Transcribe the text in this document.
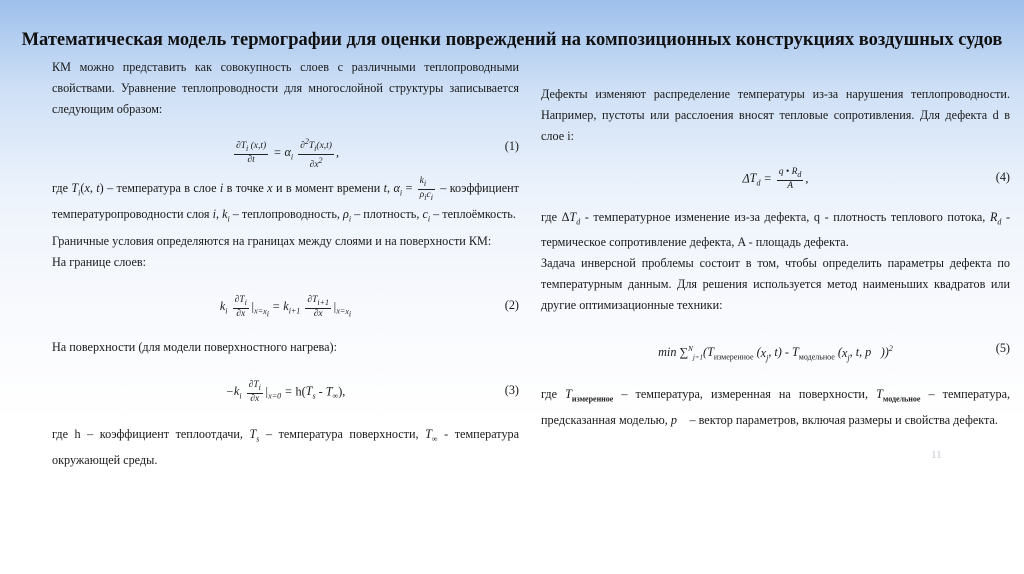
Математическая модель термографии для оценки повреждений на композиционных конструкциях воздушных судов

КМ можно представить как совокупность слоев с различными теплопроводными свойствами. Уравнение теплопроводности для многослойной структуры записывается следующим образом:

$\frac{\partial T_i (x,t)}{\partial t} = \alpha_i \frac{\partial^2T_i(x,t)}{\partial x^2}$ ,	(1)

где $T_i(x$, t) – температура в слое i в точке x и в момент времени t, $\alpha_i = \frac{k_i}{\rho_ic_i}$ – коэффициент температуропроводности слоя i, $k_i$ – теплопроводность, $\rho_i$ – плотность, $c_i$ – теплоёмкость.

Граничные условия определяются на границах между слоями и на поверхности КМ:

На границе слоев:

$k_i \frac{\partial T_i}{\partial x} |_{x=x_i} = k_{i+1} \frac{\partial T_{i+1}}{\partial x} |_{x=x_i}$
(2)

На поверхности (для модели поверхностного нагрева):

$-k_i \frac{\partial T_i}{\partial x} |_{x=0} = h(T_s - T_\infty)$,	(3)

где h – коэффициент теплоотдачи, $T_s$ – температура поверхности, $T_\infty$ - температура окружающей среды.

Дефекты изменяют распределение температуры из-за нарушения теплопроводности. Например, пустоты или расслоения вносят тепловые сопротивления. Для дефекта d в слое i:

$\Delta T_d = \frac{q • R_d}{A}$ ,	(4)

где $\Delta T_d$ - температурное изменение из-за дефекта, q - плотность теплового потока, $R_d$ - термическое сопротивление дефекта, A - площадь дефекта.

Задача инверсной проблемы состоит в том, чтобы определить параметры дефекта по температурным данным. Для решения используется метод наименьших квадратов или другие оптимизационные техники:

$\min \sum^N_{j=1}(T_{измеренное}$ ($x_j$, $t) - T_{модельное}$ ($x_j$, t, p⃗))$^2$	(5)

где $T_{измеренное}$ – температура, измеренная на поверхности, $T_{модельное}$ – температура, предсказанная моделью, p⃗ – вектор параметров, включая размеры и свойства дефекта.

11
